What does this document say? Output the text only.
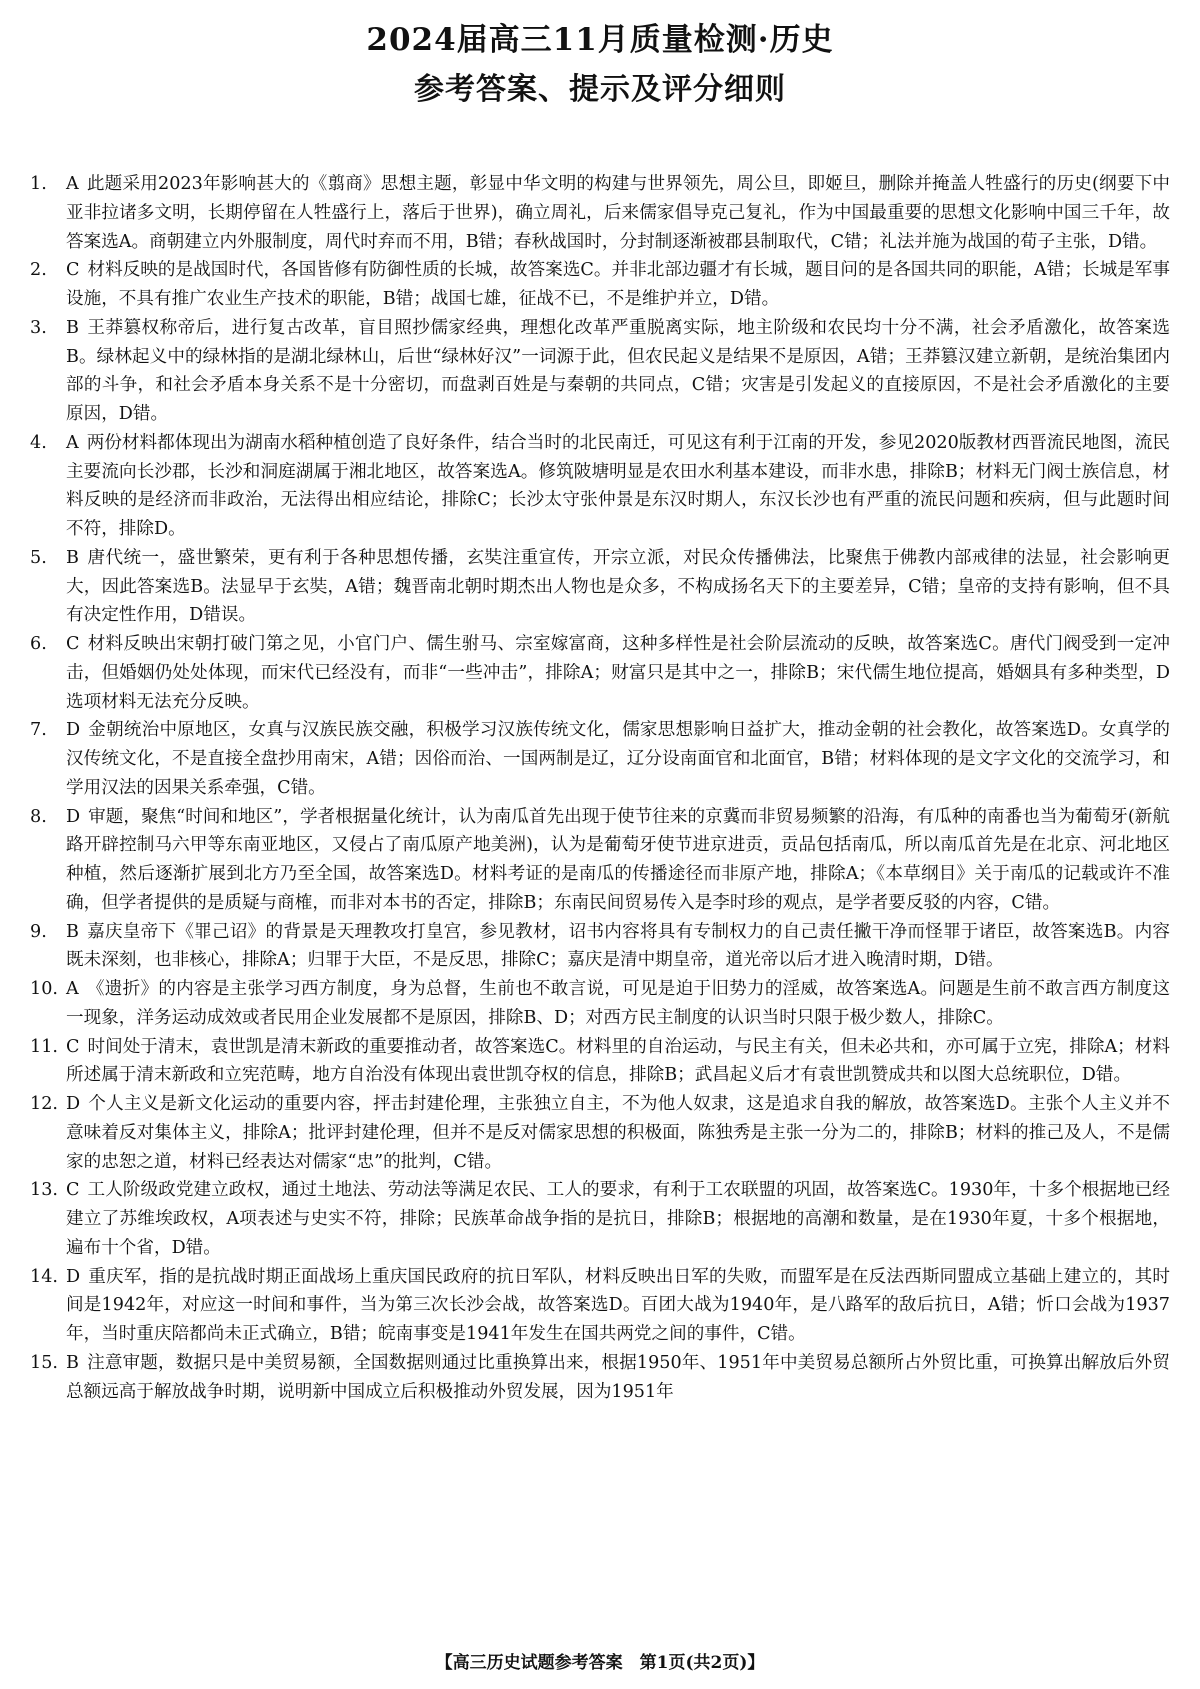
2024届高三11月质量检测·历史
参考答案、提示及评分细则

1. A 此题采用2023年影响甚大的《翦商》思想主题，彰显中华文明的构建与世界领先，周公旦，即姬旦，删除并掩盖人牲盛行的历史(纲要下中亚非拉诸多文明，长期停留在人牲盛行上，落后于世界)，确立周礼，后来儒家倡导克己复礼，作为中国最重要的思想文化影响中国三千年，故答案选A。商朝建立内外服制度，周代时弃而不用，B错；春秋战国时，分封制逐渐被郡县制取代，C错；礼法并施为战国的荀子主张，D错。

2. C 材料反映的是战国时代，各国皆修有防御性质的长城，故答案选C。并非北部边疆才有长城，题目问的是各国共同的职能，A错；长城是军事设施，不具有推广农业生产技术的职能，B错；战国七雄，征战不已，不是维护并立，D错。

3. B 王莽篡权称帝后，进行复古改革，盲目照抄儒家经典，理想化改革严重脱离实际，地主阶级和农民均十分不满，社会矛盾激化，故答案选B。绿林起义中的绿林指的是湖北绿林山，后世“绿林好汉”一词源于此，但农民起义是结果不是原因，A错；王莽篡汉建立新朝，是统治集团内部的斗争，和社会矛盾本身关系不是十分密切，而盘剥百姓是与秦朝的共同点，C错；灾害是引发起义的直接原因，不是社会矛盾激化的主要原因，D错。

4. A 两份材料都体现出为湖南水稻种植创造了良好条件，结合当时的北民南迁，可见这有利于江南的开发，参见2020版教材西晋流民地图，流民主要流向长沙郡，长沙和洞庭湖属于湘北地区，故答案选A。修筑陂塘明显是农田水利基本建设，而非水患，排除B；材料无门阀士族信息，材料反映的是经济而非政治，无法得出相应结论，排除C；长沙太守张仲景是东汉时期人，东汉长沙也有严重的流民问题和疾病，但与此题时间不符，排除D。

5. B 唐代统一，盛世繁荣，更有利于各种思想传播，玄奘注重宣传，开宗立派，对民众传播佛法，比聚焦于佛教内部戒律的法显，社会影响更大，因此答案选B。法显早于玄奘，A错；魏晋南北朝时期杰出人物也是众多，不构成扬名天下的主要差异，C错；皇帝的支持有影响，但不具有决定性作用，D错误。

6. C 材料反映出宋朝打破门第之见，小官门户、儒生驸马、宗室嫁富商，这种多样性是社会阶层流动的反映，故答案选C。唐代门阀受到一定冲击，但婚姻仍处处体现，而宋代已经没有，而非“一些冲击”，排除A；财富只是其中之一，排除B；宋代儒生地位提高，婚姻具有多种类型，D选项材料无法充分反映。

7. D 金朝统治中原地区，女真与汉族民族交融，积极学习汉族传统文化，儒家思想影响日益扩大，推动金朝的社会教化，故答案选D。女真学的汉传统文化，不是直接全盘抄用南宋，A错；因俗而治、一国两制是辽，辽分设南面官和北面官，B错；材料体现的是文字文化的交流学习，和学用汉法的因果关系牵强，C错。

8. D 审题，聚焦“时间和地区”，学者根据量化统计，认为南瓜首先出现于使节往来的京冀而非贸易频繁的沿海，有瓜种的南番也当为葡萄牙(新航路开辟控制马六甲等东南亚地区，又侵占了南瓜原产地美洲)，认为是葡萄牙使节进京进贡，贡品包括南瓜，所以南瓜首先是在北京、河北地区种植，然后逐渐扩展到北方乃至全国，故答案选D。材料考证的是南瓜的传播途径而非原产地，排除A；《本草纲目》关于南瓜的记载或许不准确，但学者提供的是质疑与商榷，而非对本书的否定，排除B；东南民间贸易传入是李时珍的观点，是学者要反驳的内容，C错。

9. B 嘉庆皇帝下《罪己诏》的背景是天理教攻打皇宫，参见教材，诏书内容将具有专制权力的自己责任撇干净而怪罪于诸臣，故答案选B。内容既未深刻，也非核心，排除A；归罪于大臣，不是反思，排除C；嘉庆是清中期皇帝，道光帝以后才进入晚清时期，D错。

10. A 《遗折》的内容是主张学习西方制度，身为总督，生前也不敢言说，可见是迫于旧势力的淫威，故答案选A。问题是生前不敢言西方制度这一现象，洋务运动成效或者民用企业发展都不是原因，排除B、D；对西方民主制度的认识当时只限于极少数人，排除C。

11. C 时间处于清末，袁世凯是清末新政的重要推动者，故答案选C。材料里的自治运动，与民主有关，但未必共和，亦可属于立宪，排除A；材料所述属于清末新政和立宪范畴，地方自治没有体现出袁世凯夺权的信息，排除B；武昌起义后才有袁世凯赞成共和以图大总统职位，D错。

12. D 个人主义是新文化运动的重要内容，抨击封建伦理，主张独立自主，不为他人奴隶，这是追求自我的解放，故答案选D。主张个人主义并不意味着反对集体主义，排除A；批评封建伦理，但并不是反对儒家思想的积极面，陈独秀是主张一分为二的，排除B；材料的推己及人，不是儒家的忠恕之道，材料已经表达对儒家“忠”的批判，C错。

13. C 工人阶级政党建立政权，通过土地法、劳动法等满足农民、工人的要求，有利于工农联盟的巩固，故答案选C。1930年，十多个根据地已经建立了苏维埃政权，A项表述与史实不符，排除；民族革命战争指的是抗日，排除B；根据地的高潮和数量，是在1930年夏，十多个根据地，遍布十个省，D错。

14. D 重庆军，指的是抗战时期正面战场上重庆国民政府的抗日军队，材料反映出日军的失败，而盟军是在反法西斯同盟成立基础上建立的，其时间是1942年，对应这一时间和事件，当为第三次长沙会战，故答案选D。百团大战为1940年，是八路军的敌后抗日，A错；忻口会战为1937年，当时重庆陪都尚未正式确立，B错；皖南事变是1941年发生在国共两党之间的事件，C错。

15. B 注意审题，数据只是中美贸易额，全国数据则通过比重换算出来，根据1950年、1951年中美贸易总额所占外贸比重，可换算出解放后外贸总额远高于解放战争时期，说明新中国成立后积极推动外贸发展，因为1951年

【高三历史试题参考答案　第1页(共2页)】
